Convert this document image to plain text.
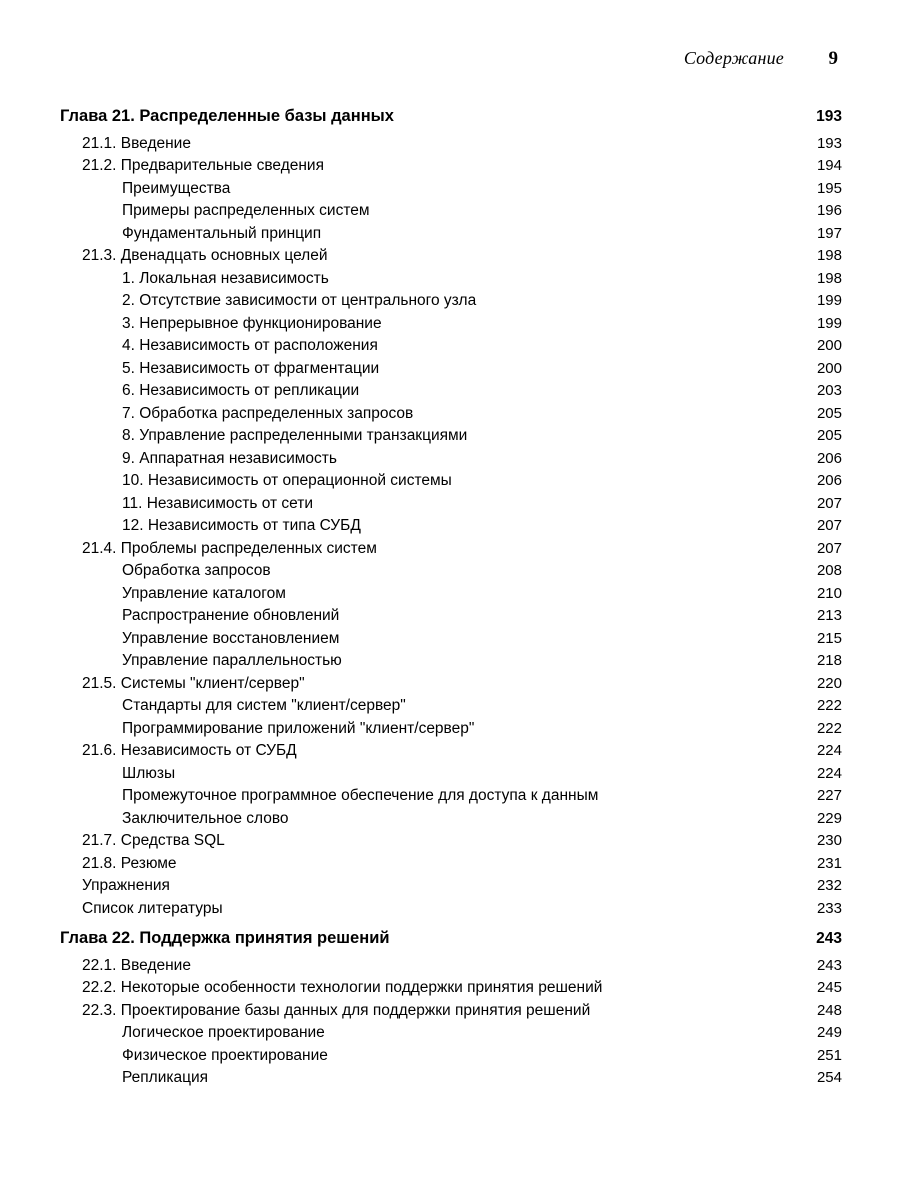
Содержание	9
Глава 21. Распределенные базы данных	193
21.1. Введение	193
21.2. Предварительные сведения	194
Преимущества	195
Примеры распределенных систем	196
Фундаментальный принцип	197
21.3. Двенадцать основных целей	198
1. Локальная независимость	198
2. Отсутствие зависимости от центрального узла	199
3. Непрерывное функционирование	199
4. Независимость от расположения	200
5. Независимость от фрагментации	200
6. Независимость от репликации	203
7. Обработка распределенных запросов	205
8. Управление распределенными транзакциями	205
9. Аппаратная независимость	206
10. Независимость от операционной системы	206
11. Независимость от сети	207
12. Независимость от типа СУБД	207
21.4. Проблемы распределенных систем	207
Обработка запросов	208
Управление каталогом	210
Распространение обновлений	213
Управление восстановлением	215
Управление параллельностью	218
21.5. Системы "клиент/сервер"	220
Стандарты для систем "клиент/сервер"	222
Программирование приложений "клиент/сервер"	222
21.6. Независимость от СУБД	224
Шлюзы	224
Промежуточное программное обеспечение для доступа к данным	227
Заключительное слово	229
21.7. Средства SQL	230
21.8. Резюме	231
Упражнения	232
Список литературы	233
Глава 22. Поддержка принятия решений	243
22.1. Введение	243
22.2. Некоторые особенности технологии поддержки принятия решений	245
22.3. Проектирование базы данных для поддержки принятия решений	248
Логическое проектирование	249
Физическое проектирование	251
Репликация	254
